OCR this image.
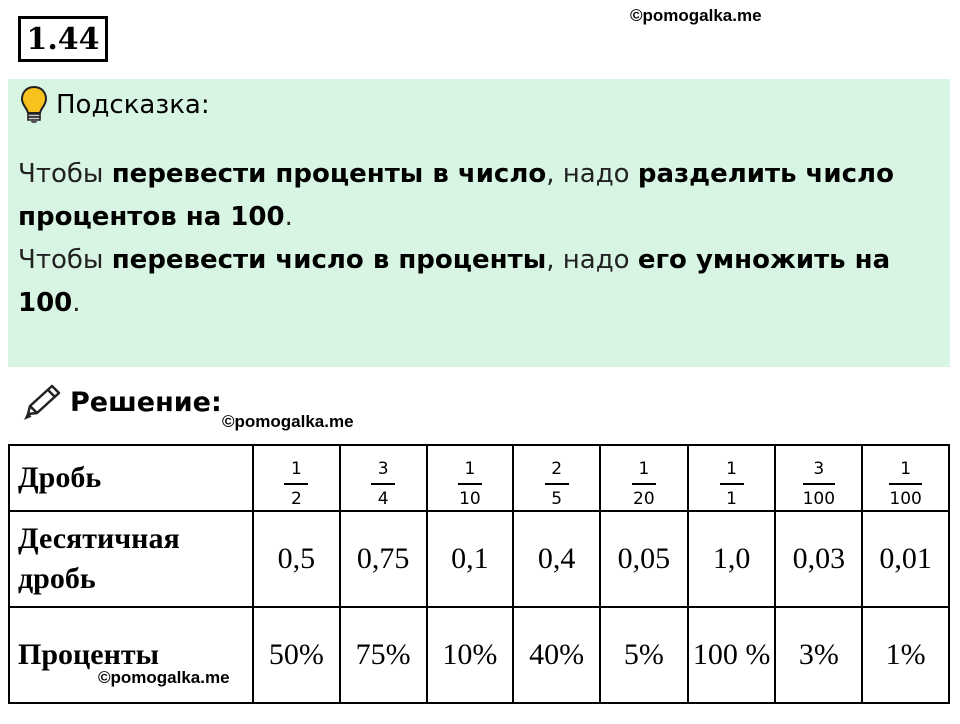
1.44
©pomogalka.me
Подсказка:
Чтобы перевести проценты в число, надо разделить число процентов на 100.
Чтобы перевести число в проценты, надо его умножить на 100.
Решение:
©pomogalka.me
Дробь	$\frac{1}{2}$	$\frac{3}{4}$	$\frac{1}{10}$	$\frac{2}{5}$	$\frac{1}{20}$	$\frac{1}{1}$	$\frac{3}{100}$	$\frac{1}{100}$

Десятичная дробь	0,5	0,75	0,1	0,4	0,05	1,0	0,03	0,01
Проценты	50%	75%	10%	40%	5%	100 %	3%	1%
©pomogalka.me
